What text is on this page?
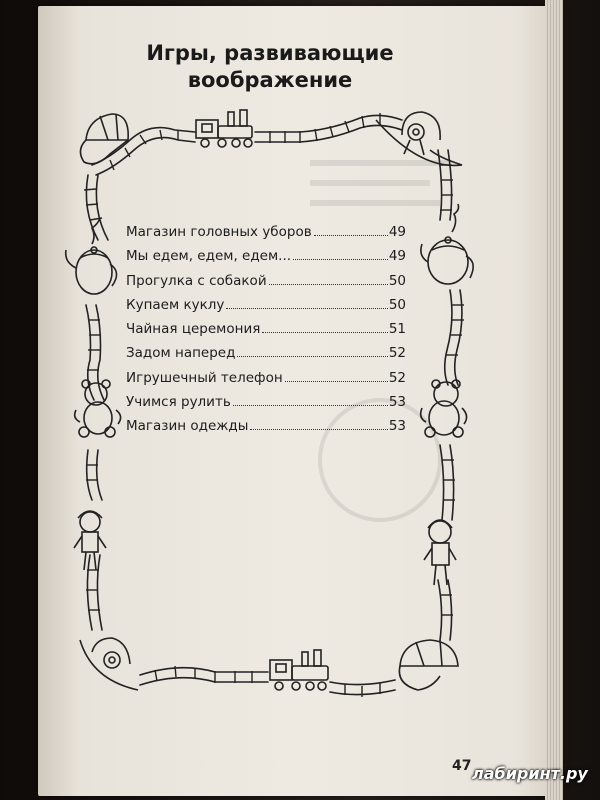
Игры, развивающие
воображение
Магазин головных уборов	49
Мы едем, едем, едем...	49
Прогулка с собакой	50
Купаем куклу	50
Чайная церемония	51
Задом наперед	52
Игрушечный телефон	52
Учимся рулить	53
Магазин одежды	53
47 лабиринт.ру
